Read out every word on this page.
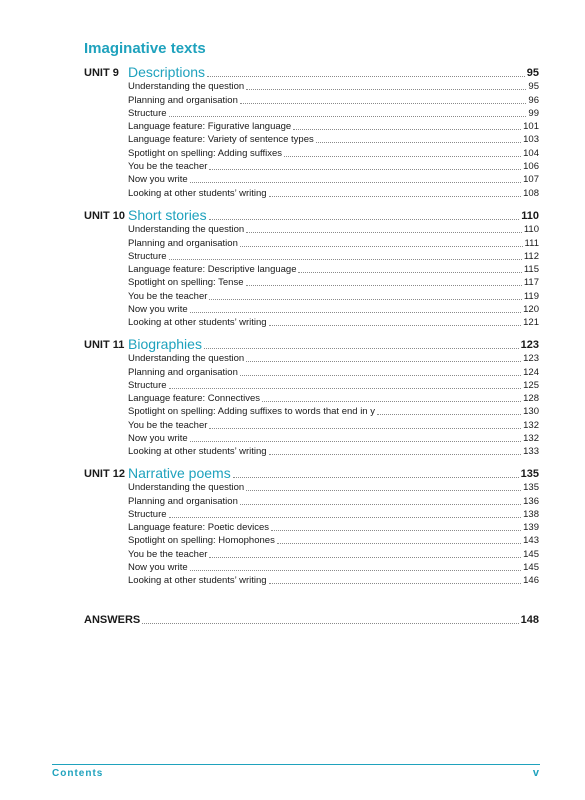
Imaginative texts
UNIT 9 Descriptions	95
Understanding the question	95
Planning and organisation	96
Structure	99
Language feature: Figurative language	101
Language feature: Variety of sentence types	103
Spotlight on spelling: Adding suffixes	104
You be the teacher	106
Now you write	107
Looking at other students’ writing	108
UNIT 10 Short stories	110
Understanding the question	110
Planning and organisation	111
Structure	112
Language feature: Descriptive language	115
Spotlight on spelling: Tense	117
You be the teacher	119
Now you write	120
Looking at other students’ writing	121
UNIT 11 Biographies	123
Understanding the question	123
Planning and organisation	124
Structure	125
Language feature: Connectives	128
Spotlight on spelling: Adding suffixes to words that end in y	130
You be the teacher	132
Now you write	132
Looking at other students’ writing	133
UNIT 12 Narrative poems	135
Understanding the question	135
Planning and organisation	136
Structure	138
Language feature: Poetic devices	139
Spotlight on spelling: Homophones	143
You be the teacher	145
Now you write	145
Looking at other students’ writing	146
ANSWERS	148
Contents	v
